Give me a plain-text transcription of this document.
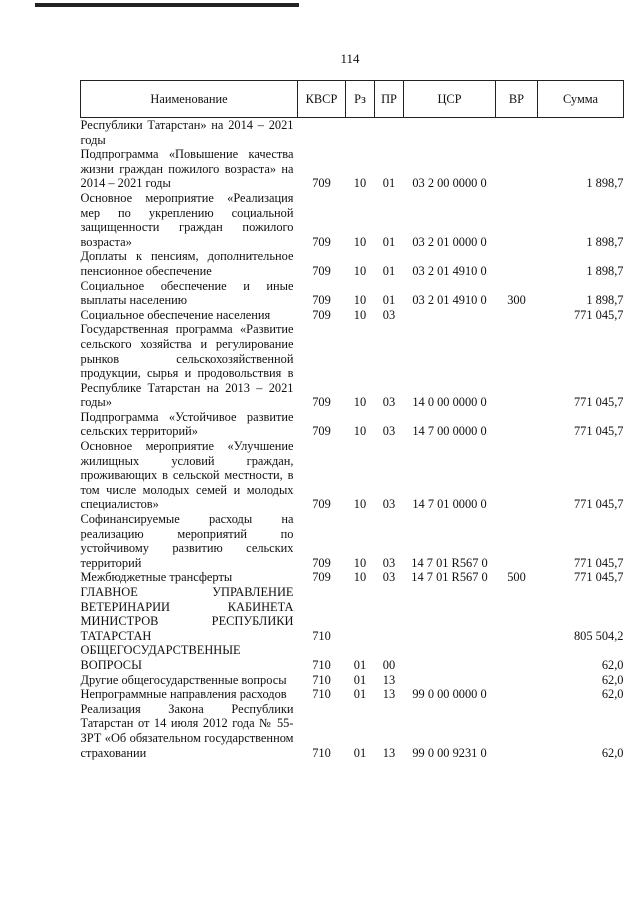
114
Наименование	КВСР	Рз	ПР	ЦСР	ВР	Сумма
Республики Татарстан» на 2014 – 2021 годы						
Подпрограмма «Повышение качества жизни граждан пожилого возраста» на 2014 – 2021 годы	709	10	01	03 2 00 0000 0		1 898,7
Основное мероприятие «Реализация мер по укреплению социальной защищенности граждан пожилого возраста»	709	10	01	03 2 01 0000 0		1 898,7
Доплаты к пенсиям, дополнительное пенсионное обеспечение	709	10	01	03 2 01 4910 0		1 898,7
Социальное обеспечение и иные выплаты населению	709	10	01	03 2 01 4910 0	300	1 898,7
Социальное обеспечение населения	709	10	03			771 045,7
Государственная программа «Развитие сельского хозяйства и регулирование рынков сельскохозяйственной продукции, сырья и продовольствия в Республике Татарстан на 2013 – 2021 годы»	709	10	03	14 0 00 0000 0		771 045,7
Подпрограмма «Устойчивое развитие сельских территорий»	709	10	03	14 7 00 0000 0		771 045,7
Основное мероприятие «Улучшение жилищных условий граждан, проживающих в сельской местности, в том числе молодых семей и молодых специалистов»	709	10	03	14 7 01 0000 0		771 045,7
Софинансируемые расходы на реализацию мероприятий по устойчивому развитию сельских территорий	709	10	03	14 7 01 R567 0		771 045,7
Межбюджетные трансферты	709	10	03	14 7 01 R567 0	500	771 045,7
ГЛАВНОЕ УПРАВЛЕНИЕ ВЕТЕРИНАРИИ КАБИНЕТА МИНИСТРОВ РЕСПУБЛИКИ ТАТАРСТАН	710					805 504,2
ОБЩЕГОСУДАРСТВЕННЫЕ ВОПРОСЫ	710	01	00			62,0
Другие общегосударственные вопросы	710	01	13			62,0
Непрограммные направления расходов	710	01	13	99 0 00 0000 0		62,0
Реализация Закона Республики Татарстан от 14 июля 2012 года № 55-ЗРТ «Об обязательном государственном страховании	710	01	13	99 0 00 9231 0		62,0
